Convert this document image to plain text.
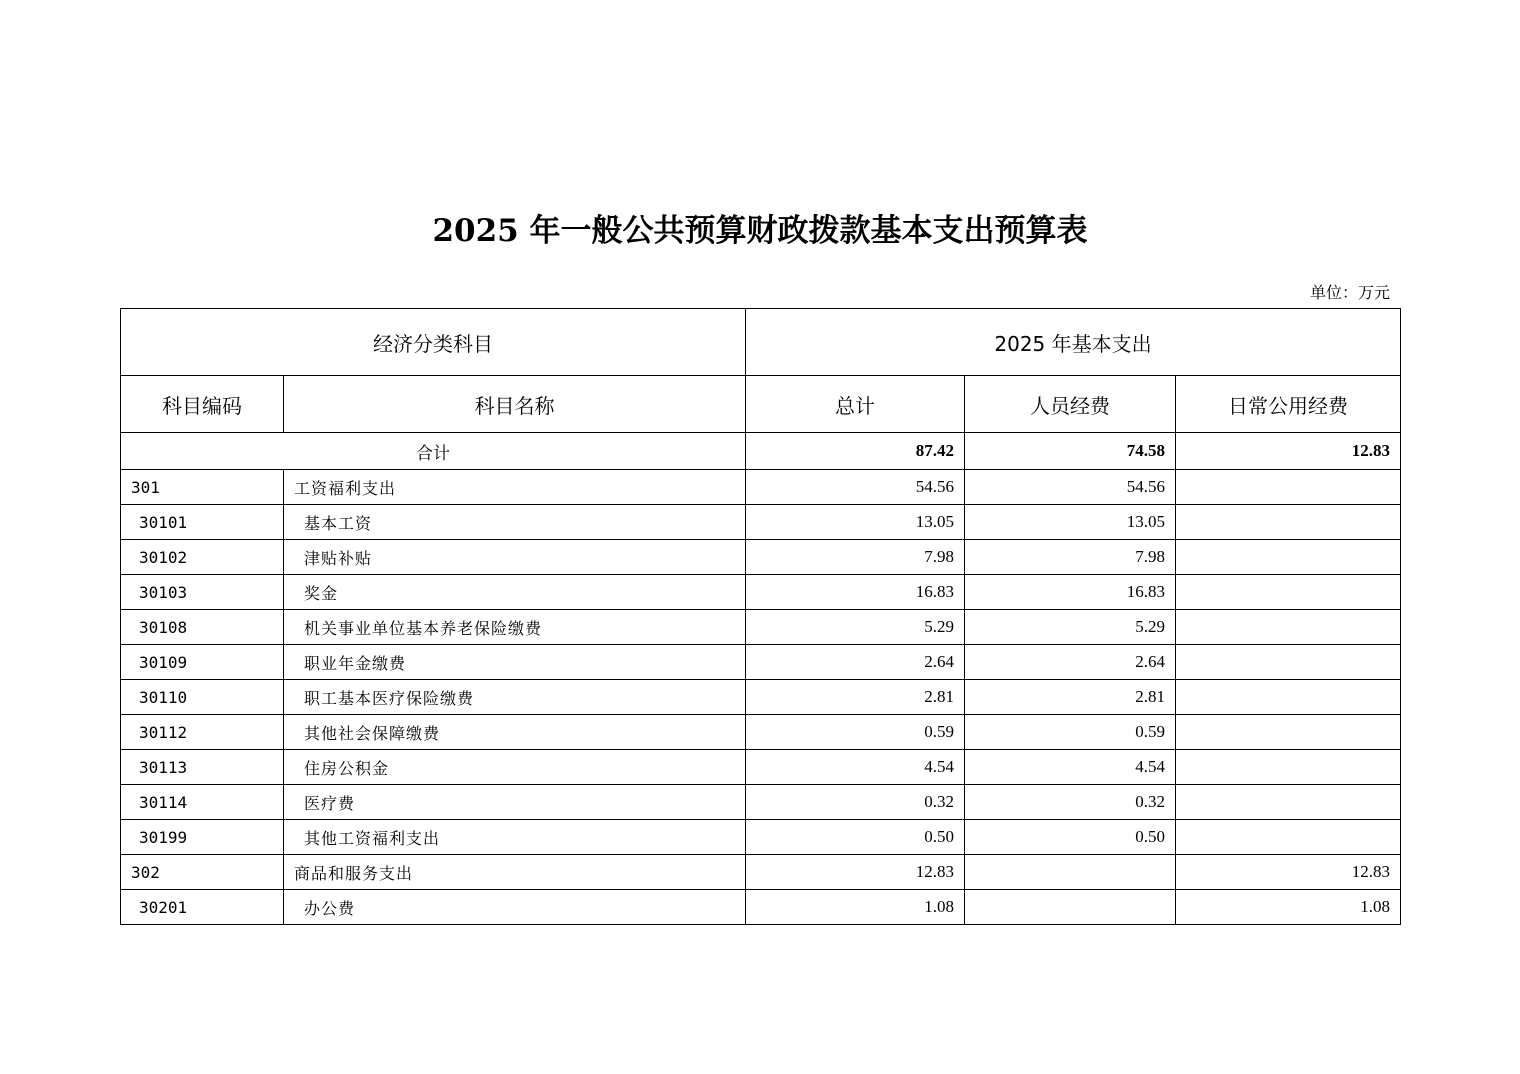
2025 年一般公共预算财政拨款基本支出预算表
单位：万元
经济分类科目		2025 年基本支出		
科目编码	科目名称	总计	人员经费	日常公用经费
合计		87.42	74.58	12.83
301	工资福利支出	54.56	54.56	
30101	基本工资	13.05	13.05	
30102	津贴补贴	7.98	7.98	
30103	奖金	16.83	16.83	
30108	机关事业单位基本养老保险缴费	5.29	5.29	
30109	职业年金缴费	2.64	2.64	
30110	职工基本医疗保险缴费	2.81	2.81	
30112	其他社会保障缴费	0.59	0.59	
30113	住房公积金	4.54	4.54	
30114	医疗费	0.32	0.32	
30199	其他工资福利支出	0.50	0.50	
302	商品和服务支出	12.83		12.83
30201	办公费	1.08		1.08
